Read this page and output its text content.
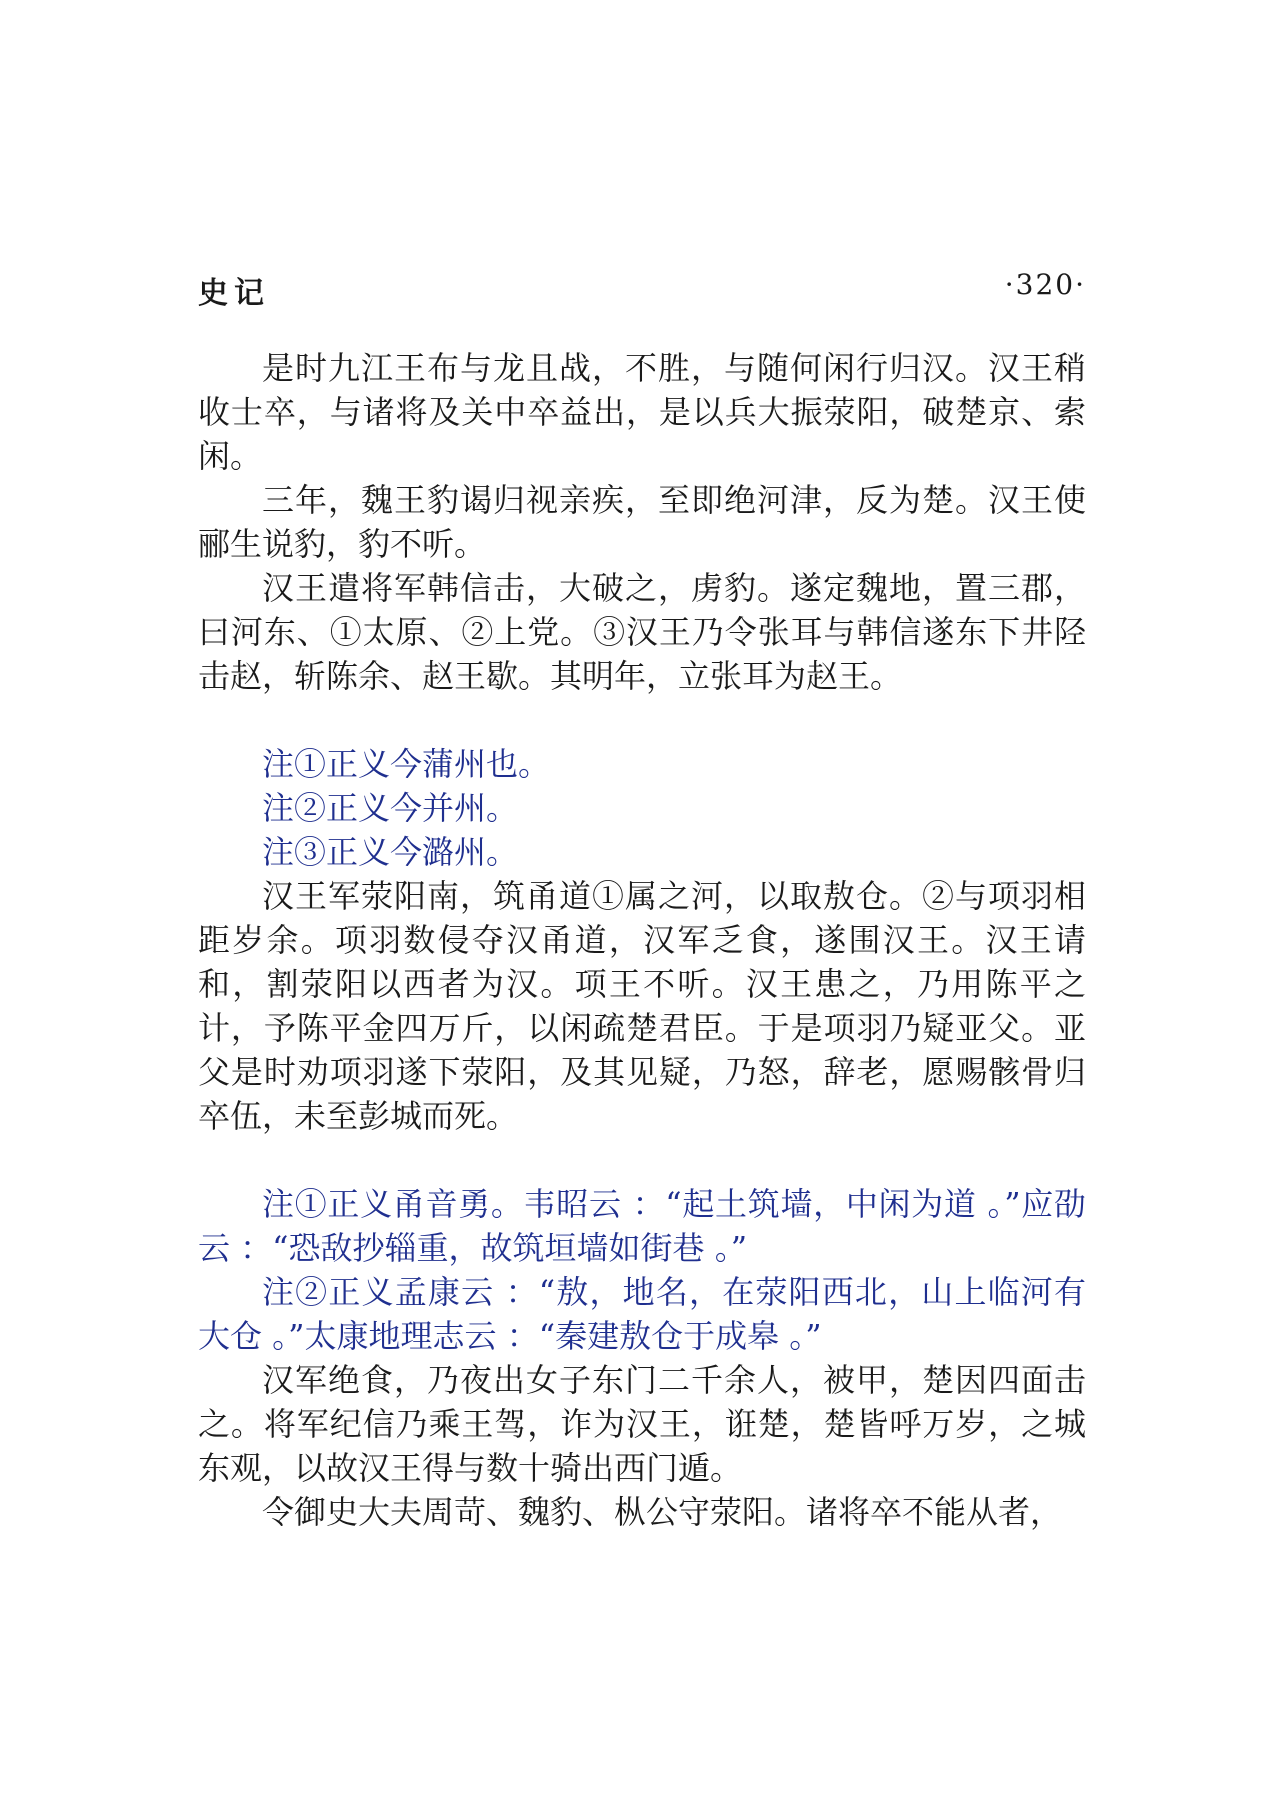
史记	·320·

是时九江王布与龙且战，不胜，与随何闲行归汉。汉王稍收士卒，与诸将及关中卒益出，是以兵大振荥阳，破楚京、索闲。

三年，魏王豹谒归视亲疾，至即绝河津，反为楚。汉王使郦生说豹，豹不听。

汉王遣将军韩信击，大破之，虏豹。遂定魏地，置三郡，曰河东、①太原、②上党。③汉王乃令张耳与韩信遂东下井陉击赵，斩陈余、赵王歇。其明年，立张耳为赵王。

注①正义今蒲州也。

注②正义今并州。

注③正义今潞州。

汉王军荥阳南，筑甬道①属之河，以取敖仓。②与项羽相距岁余。项羽数侵夺汉甬道，汉军乏食，遂围汉王。汉王请和，割荥阳以西者为汉。项王不听。汉王患之，乃用陈平之计，予陈平金四万斤，以闲疏楚君臣。于是项羽乃疑亚父。亚父是时劝项羽遂下荥阳，及其见疑，乃怒，辞老，愿赐骸骨归卒伍，未至彭城而死。

注①正义甬音勇。韦昭云 ：“起土筑墙，中闲为道 。”应劭云 ：“恐敌抄辎重，故筑垣墙如街巷 。”

注②正义孟康云 ：“敖，地名，在荥阳西北，山上临河有大仓 。”太康地理志云 ：“秦建敖仓于成皋 。”

汉军绝食，乃夜出女子东门二千余人，被甲，楚因四面击之。将军纪信乃乘王驾，诈为汉王，诳楚，楚皆呼万岁，之城东观，以故汉王得与数十骑出西门遁。

令御史大夫周苛、魏豹、枞公守荥阳。诸将卒不能从者，
